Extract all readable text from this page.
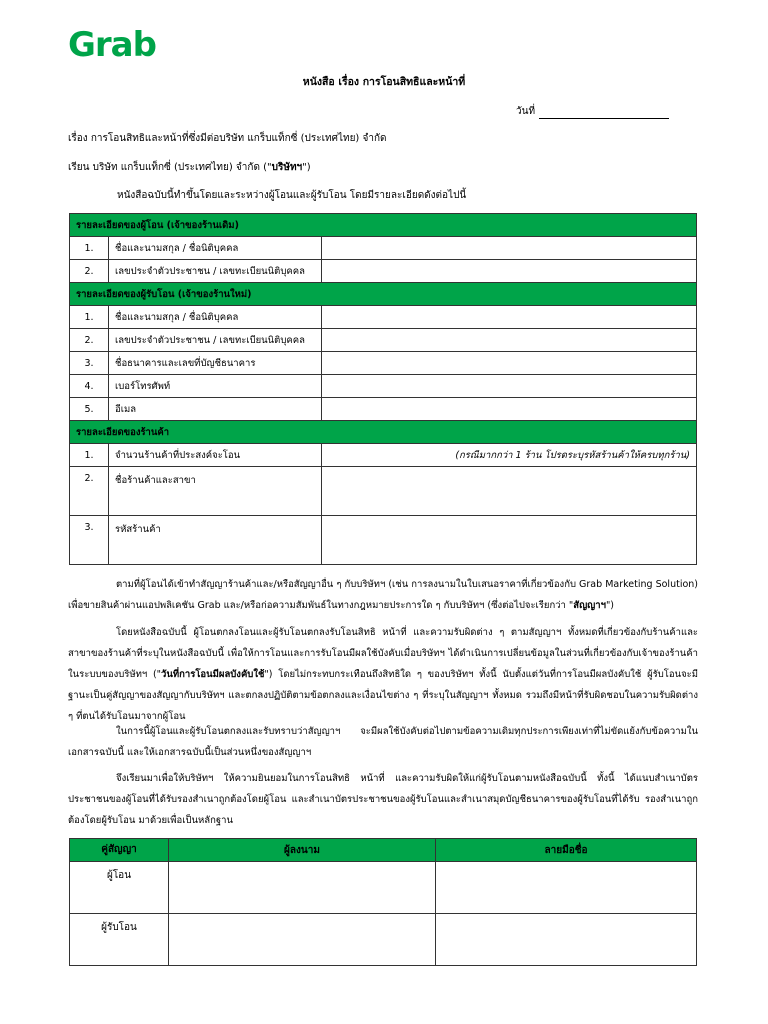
Grab
หนังสือ เรื่อง การโอนสิทธิและหน้าที่
วันที่
เรื่อง การโอนสิทธิและหน้าที่ซึ่งมีต่อบริษัท แกร็บแท็กซี่ (ประเทศไทย) จำกัด
เรียน บริษัท แกร็บแท็กซี่ (ประเทศไทย) จำกัด ("บริษัทฯ")
หนังสือฉบับนี้ทำขึ้นโดยและระหว่างผู้โอนและผู้รับโอน โดยมีรายละเอียดดังต่อไปนี้
รายละเอียดของผู้โอน (เจ้าของร้านเดิม)		
1.	ชื่อและนามสกุล / ชื่อนิติบุคคล	
2.	เลขประจำตัวประชาชน / เลขทะเบียนนิติบุคคล	
รายละเอียดของผู้รับโอน (เจ้าของร้านใหม่)		
1.	ชื่อและนามสกุล / ชื่อนิติบุคคล	
2.	เลขประจำตัวประชาชน / เลขทะเบียนนิติบุคคล	
3.	ชื่อธนาคารและเลขที่บัญชีธนาคาร	
4.	เบอร์โทรศัพท์	
5.	อีเมล	
รายละเอียดของร้านค้า		
1.	จำนวนร้านค้าที่ประสงค์จะโอน	(กรณีมากกว่า 1 ร้าน โปรดระบุรหัสร้านค้าให้ครบทุกร้าน)
2.	ชื่อร้านค้าและสาขา	
3.	รหัสร้านค้า	
ตามที่ผู้โอนได้เข้าทำสัญญาร้านค้าและ/หรือสัญญาอื่น ๆ กับบริษัทฯ (เช่น การลงนามในใบเสนอราคาที่เกี่ยวข้องกับ Grab Marketing Solution) เพื่อขายสินค้าผ่านแอปพลิเคชัน Grab และ/หรือก่อความสัมพันธ์ในทางกฎหมายประการใด ๆ กับบริษัทฯ (ซึ่งต่อไปจะเรียกว่า "สัญญาฯ")
โดยหนังสือฉบับนี้ ผู้โอนตกลงโอนและผู้รับโอนตกลงรับโอนสิทธิ หน้าที่ และความรับผิดต่าง ๆ ตามสัญญาฯ ทั้งหมดที่เกี่ยวข้องกับร้านค้าและสาขาของร้านค้าที่ระบุในหนังสือฉบับนี้ เพื่อให้การโอนและการรับโอนมีผลใช้บังคับเมื่อบริษัทฯ ได้ดำเนินการเปลี่ยนข้อมูลในส่วนที่เกี่ยวข้องกับเจ้าของร้านค้าในระบบของบริษัทฯ ("วันที่การโอนมีผลบังคับใช้") โดยไม่กระทบกระเทือนถึงสิทธิใด ๆ ของบริษัทฯ ทั้งนี้ นับตั้งแต่วันที่การโอนมีผลบังคับใช้ ผู้รับโอนจะมีฐานะเป็นคู่สัญญาของสัญญากับบริษัทฯ และตกลงปฏิบัติตามข้อตกลงและเงื่อนไขต่าง ๆ ที่ระบุในสัญญาฯ ทั้งหมด รวมถึงมีหน้าที่รับผิดชอบในความรับผิดต่าง ๆ ที่ตนได้รับโอนมาจากผู้โอน
ในการนี้ผู้โอนและผู้รับโอนตกลงและรับทราบว่าสัญญาฯ จะมีผลใช้บังคับต่อไปตามข้อความเดิมทุกประการเพียงเท่าที่ไม่ขัดแย้งกับข้อความในเอกสารฉบับนี้ และให้เอกสารฉบับนี้เป็นส่วนหนึ่งของสัญญาฯ
จึงเรียนมาเพื่อให้บริษัทฯ ให้ความยินยอมในการโอนสิทธิ หน้าที่ และความรับผิดให้แก่ผู้รับโอนตามหนังสือฉบับนี้ ทั้งนี้ ได้แนบสำเนาบัตรประชาชนของผู้โอนที่ได้รับรองสำเนาถูกต้องโดยผู้โอน และสำเนาบัตรประชาชนของผู้รับโอนและสำเนาสมุดบัญชีธนาคารของผู้รับโอนที่ได้รับ รองสำเนาถูกต้องโดยผู้รับโอน มาด้วยเพื่อเป็นหลักฐาน
คู่สัญญา	ผู้ลงนาม	ลายมือชื่อ
ผู้โอน		
ผู้รับโอน		
